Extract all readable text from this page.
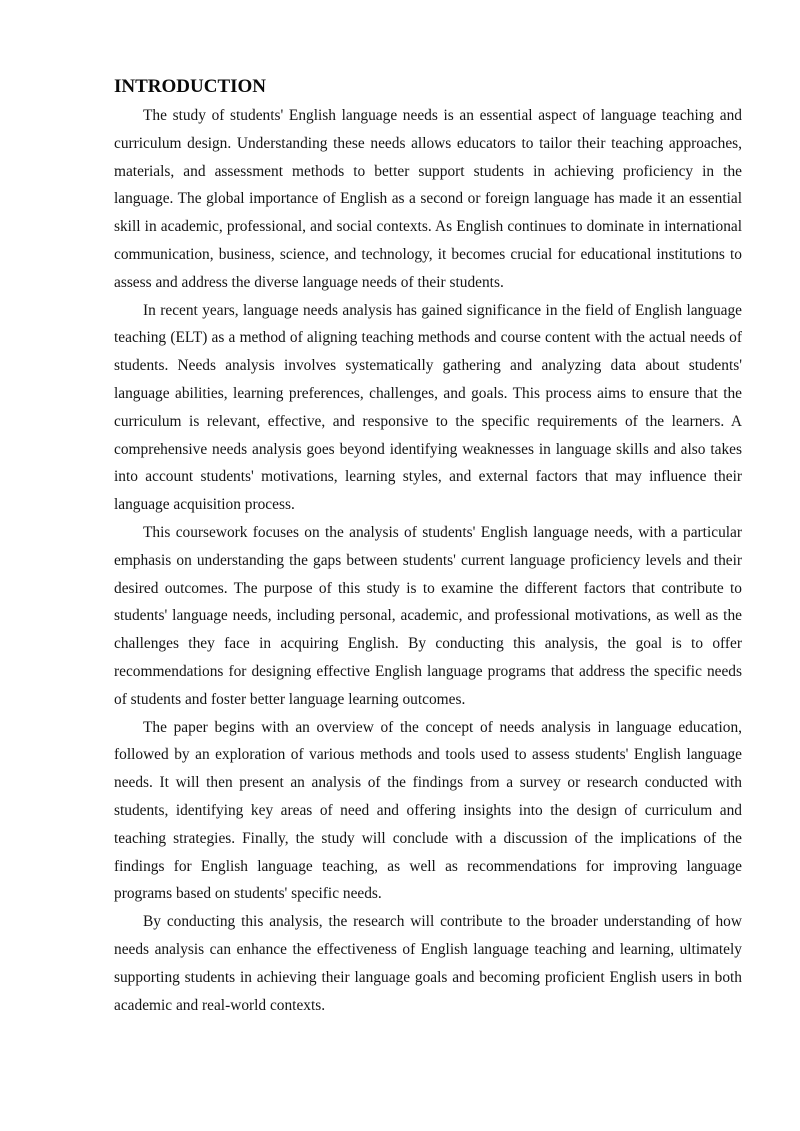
INTRODUCTION

The study of students' English language needs is an essential aspect of language teaching and curriculum design. Understanding these needs allows educators to tailor their teaching approaches, materials, and assessment methods to better support students in achieving proficiency in the language. The global importance of English as a second or foreign language has made it an essential skill in academic, professional, and social contexts. As English continues to dominate in international communication, business, science, and technology, it becomes crucial for educational institutions to assess and address the diverse language needs of their students.

In recent years, language needs analysis has gained significance in the field of English language teaching (ELT) as a method of aligning teaching methods and course content with the actual needs of students. Needs analysis involves systematically gathering and analyzing data about students' language abilities, learning preferences, challenges, and goals. This process aims to ensure that the curriculum is relevant, effective, and responsive to the specific requirements of the learners. A comprehensive needs analysis goes beyond identifying weaknesses in language skills and also takes into account students' motivations, learning styles, and external factors that may influence their language acquisition process.

This coursework focuses on the analysis of students' English language needs, with a particular emphasis on understanding the gaps between students' current language proficiency levels and their desired outcomes. The purpose of this study is to examine the different factors that contribute to students' language needs, including personal, academic, and professional motivations, as well as the challenges they face in acquiring English. By conducting this analysis, the goal is to offer recommendations for designing effective English language programs that address the specific needs of students and foster better language learning outcomes.

The paper begins with an overview of the concept of needs analysis in language education, followed by an exploration of various methods and tools used to assess students' English language needs. It will then present an analysis of the findings from a survey or research conducted with students, identifying key areas of need and offering insights into the design of curriculum and teaching strategies. Finally, the study will conclude with a discussion of the implications of the findings for English language teaching, as well as recommendations for improving language programs based on students' specific needs.

By conducting this analysis, the research will contribute to the broader understanding of how needs analysis can enhance the effectiveness of English language teaching and learning, ultimately supporting students in achieving their language goals and becoming proficient English users in both academic and real-world contexts.
